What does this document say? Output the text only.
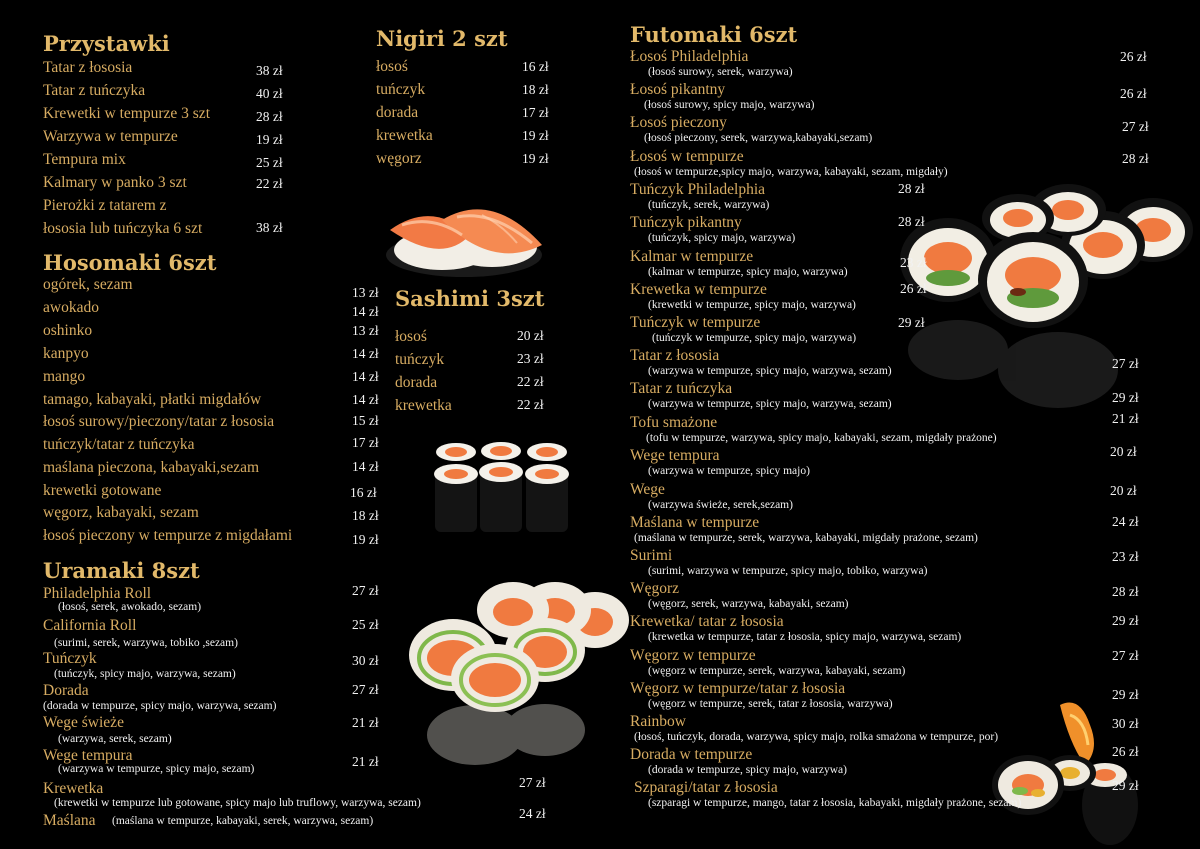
Przystawki
Tatar z łososia	38 zł
Tatar z tuńczyka	40 zł
Krewetki w tempurze 3 szt	28 zł
Warzywa w tempurze	19 zł
Tempura mix	25 zł
Kalmary w panko 3 szt	22 zł
Pierożki z tatarem z
łososia lub tuńczyka 6 szt	38 zł
Hosomaki 6szt
ogórek, sezam	13 zł
awokado	14 zł
oshinko	13 zł
kanpyo	14 zł
mango	14 zł
tamago, kabayaki, płatki migdałów	14 zł
łosoś surowy/pieczony/tatar z łososia	15 zł
tuńczyk/tatar z tuńczyka	17 zł
maślana pieczona, kabayaki,sezam	14 zł
krewetki gotowane	16 zł
węgorz, kabayaki, sezam	18 zł
łosoś pieczony w tempurze z migdałami	19 zł
Uramaki 8szt
Philadelphia Roll
(łosoś, serek, awokado, sezam)
27 zł
California Roll
(surimi, serek, warzywa, tobiko ,sezam)
25 zł
Tuńczyk
(tuńczyk, spicy majo, warzywa, sezam)
30 zł
Dorada
(dorada w tempurze, spicy majo, warzywa, sezam)
27 zł
Wege świeże
(warzywa, serek, sezam)
21 zł
Wege tempura
(warzywa w tempurze, spicy majo, sezam)	21 zł
Krewetka
(krewetki w tempurze lub gotowane, spicy majo lub truflowy, warzywa, sezam)
27 zł
Maślana (maślana w tempurze, kabayaki, serek, warzywa, sezam)	24 zł
Nigiri 2 szt
łosoś	16 zł
tuńczyk	18 zł
dorada	17 zł
krewetka	19 zł
węgorz	19 zł
Sashimi 3szt
łosoś	20 zł
tuńczyk	23 zł
dorada	22 zł
krewetka	22 zł
Futomaki 6szt
Łosoś Philadelphia
(łosoś surowy, serek, warzywa)
26 zł
Łosoś pikantny
(łosoś surowy, spicy majo, warzywa)
26 zł
Łosoś pieczony
(łosoś pieczony, serek, warzywa,kabayaki,sezam)
27 zł
Łosoś w tempurze
(łosoś w tempurze,spicy majo, warzywa, kabayaki, sezam, migdały)
28 zł
Tuńczyk Philadelphia
(tuńczyk, serek, warzywa)
28 zł
Tuńczyk pikantny
(tuńczyk, spicy majo, warzywa)
28 zł
Kalmar w tempurze
(kalmar w tempurze, spicy majo, warzywa)
23 zł
Krewetka w tempurze
(krewetki w tempurze, spicy majo, warzywa)
26 zł
Tuńczyk w tempurze
(tuńczyk w tempurze, spicy majo, warzywa)
29 zł
Tatar z łososia
(warzywa w tempurze, spicy majo, warzywa, sezam)	27 zł
Tatar z tuńczyka
(warzywa w tempurze, spicy majo, warzywa, sezam)	29 zł
Tofu smażone
(tofu w tempurze, warzywa, spicy majo, kabayaki, sezam, migdały prażone)
21 zł
Wege tempura
(warzywa w tempurze, spicy majo)
20 zł
Wege
(warzywa świeże, serek,sezam)
20 zł
Maślana w tempurze
(maślana w tempurze, serek, warzywa, kabayaki, migdały prażone, sezam)
24 zł
Surimi
(surimi, warzywa w tempurze, spicy majo, tobiko, warzywa)
23 zł
Węgorz
(węgorz, serek, warzywa, kabayaki, sezam)
28 zł
Krewetka/ tatar z łososia
(krewetka w tempurze, tatar z łososia, spicy majo, warzywa, sezam)
29 zł
Węgorz w tempurze
(węgorz w tempurze, serek, warzywa, kabayaki, sezam)
27 zł
Węgorz w tempurze/tatar z łososia
(węgorz w tempurze, serek, tatar z łososia, warzywa)
29 zł
Rainbow
(łosoś, tuńczyk, dorada, warzywa, spicy majo, rolka smażona w tempurze, por)
30 zł
Dorada w tempurze
(dorada w tempurze, spicy majo, warzywa)
26 zł
Szparagi/tatar z łososia
(szparagi w tempurze, mango, tatar z łososia, kabayaki, migdały prażone, sezam)
29 zł
